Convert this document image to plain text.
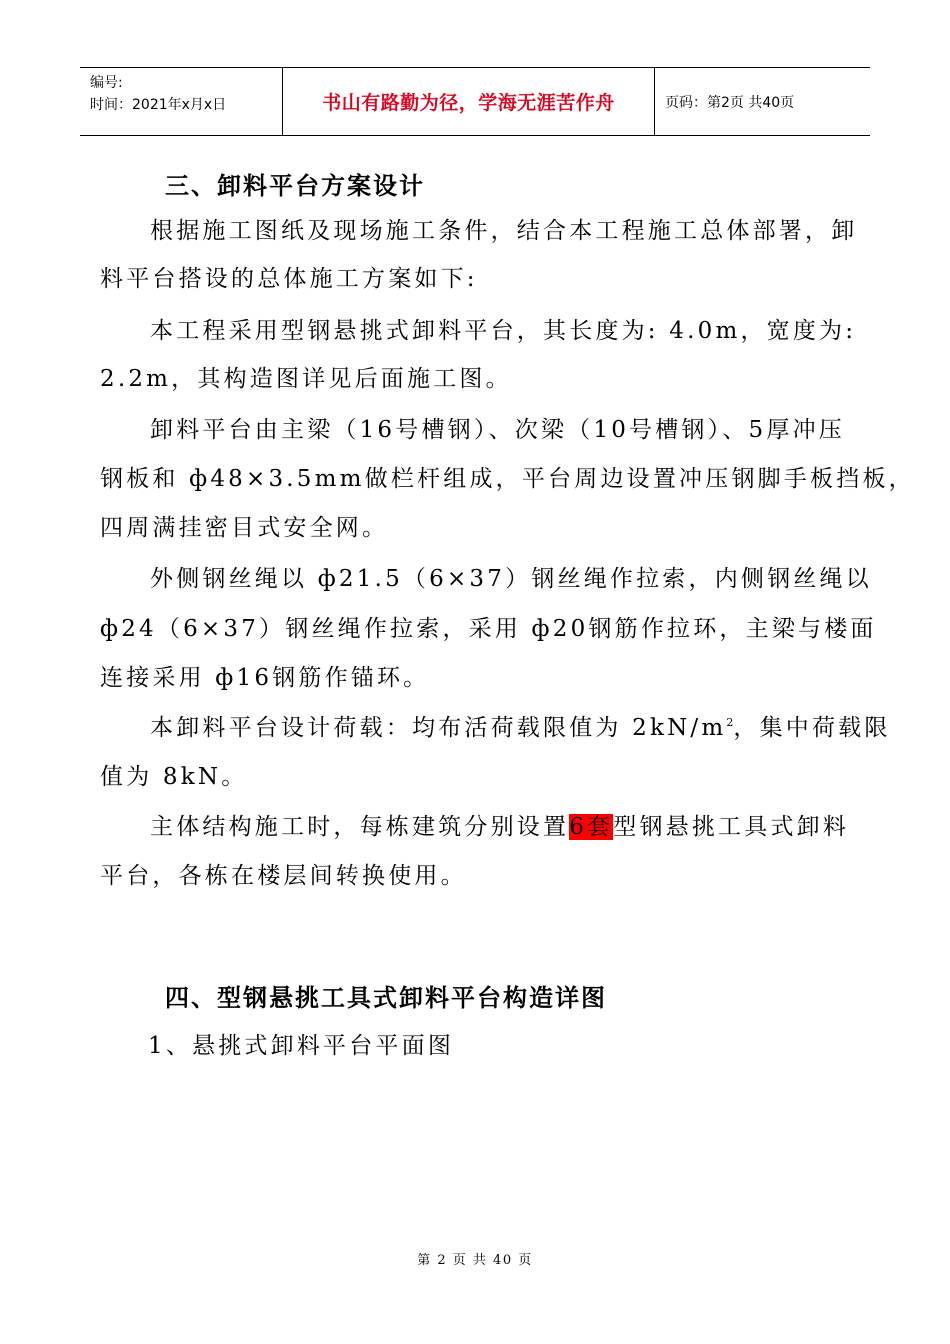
编号:
时间：2021年x月x日	书山有路勤为径，学海无涯苦作舟	页码：第2页 共40页
三、卸料平台方案设计
根据施工图纸及现场施工条件，结合本工程施工总体部署，卸
料平台搭设的总体施工方案如下:
本工程采用型钢悬挑式卸料平台，其长度为: 4.0m，宽度为:
2.2m，其构造图详见后面施工图。
卸料平台由主梁（16号槽钢）、次梁（10号槽钢）、5厚冲压
钢板和 ф48×3.5mm做栏杆组成，平台周边设置冲压钢脚手板挡板，
四周满挂密目式安全网。
外侧钢丝绳以 ф21.5（6×37）钢丝绳作拉索，内侧钢丝绳以
ф24（6×37）钢丝绳作拉索，采用 ф20钢筋作拉环，主梁与楼面
连接采用 ф16钢筋作锚环。
本卸料平台设计荷载：均布活荷载限值为 $2kN/m^2$，集中荷载限
值为 8kN。
主体结构施工时，每栋建筑分别设置6套型钢悬挑工具式卸料
平台，各栋在楼层间转换使用。
四、型钢悬挑工具式卸料平台构造详图
1、悬挑式卸料平台平面图
第 2 页 共 40 页
